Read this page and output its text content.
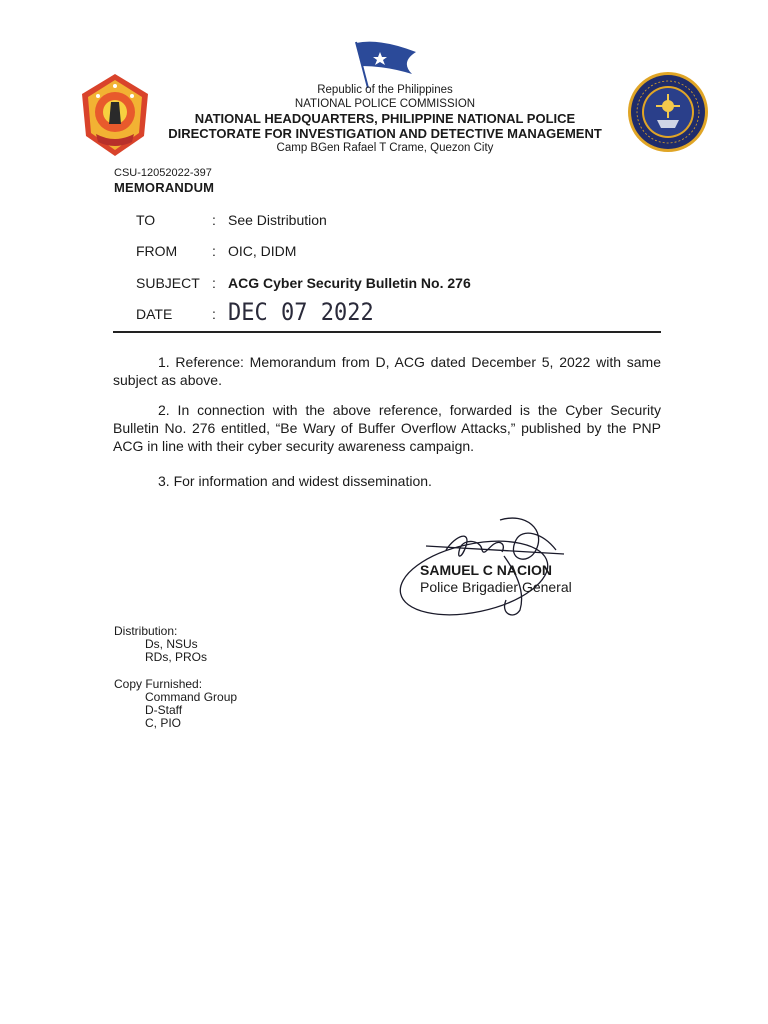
Republic of the Philippines
NATIONAL POLICE COMMISSION
NATIONAL HEADQUARTERS, PHILIPPINE NATIONAL POLICE
DIRECTORATE FOR INVESTIGATION AND DETECTIVE MANAGEMENT
Camp BGen Rafael T Crame, Quezon City
CSU-12052022-397
MEMORANDUM
TO	: See Distribution
FROM : OIC, DIDM
SUBJECT : ACG Cyber Security Bulletin No. 276
DATE	: DEC 07 2022
1. Reference: Memorandum from D, ACG dated December 5, 2022 with same subject as above.
2. In connection with the above reference, forwarded is the Cyber Security Bulletin No. 276 entitled, “Be Wary of Buffer Overflow Attacks,” published by the PNP ACG in line with their cyber security awareness campaign.
3. For information and widest dissemination.
SAMUEL C NACION
Police Brigadier General
Distribution:
Ds, NSUs
RDs, PROs
Copy Furnished:
Command Group
D-Staff
C, PIO
